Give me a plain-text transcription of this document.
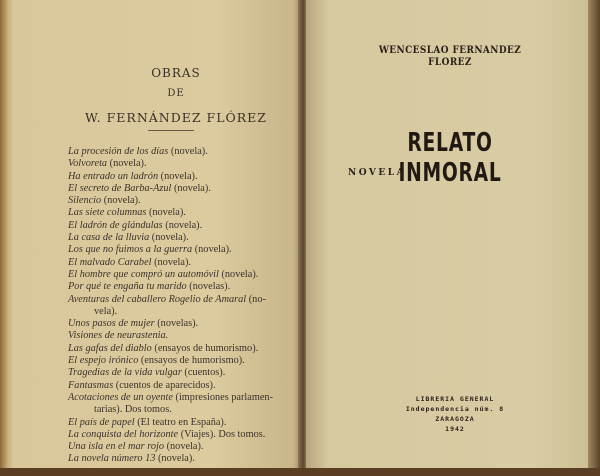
OBRAS
DE
W. FERNÁNDEZ FLÓREZ
La procesión de los días (novela).
Volvoreta (novela).
Ha entrado un ladrón (novela).
El secreto de Barba-Azul (novela).
Silencio (novela).
Las siete columnas (novela).
El ladrón de glándulas (novela).
La casa de la lluvia (novela).
Los que no fuimos a la guerra (novela).
El malvado Carabel (novela).
El hombre que compró un automóvil (novela).
Por qué te engaña tu marido (novelas).
Aventuras del caballero Rogelio de Amaral (no-
vela).
Unos pasos de mujer (novelas).
Visiones de neurastenia.
Las gafas del diablo (ensayos de humorismo).
El espejo irónico (ensayos de humorismo).
Tragedias de la vida vulgar (cuentos).
Fantasmas (cuentos de aparecidos).
Acotaciones de un oyente (impresiones parlamen-
tarias). Dos tomos.
El país de papel (El teatro en España).
La conquista del horizonte (Viajes). Dos tomos.
Una isla en el mar rojo (novela).
La novela número 13 (novela).
WENCESLAO FERNANDEZ FLOREZ
RELATO INMORAL
NOVELA
LIBRERIA GENERAL
Independencia núm. 8
ZARAGOZA
1942
